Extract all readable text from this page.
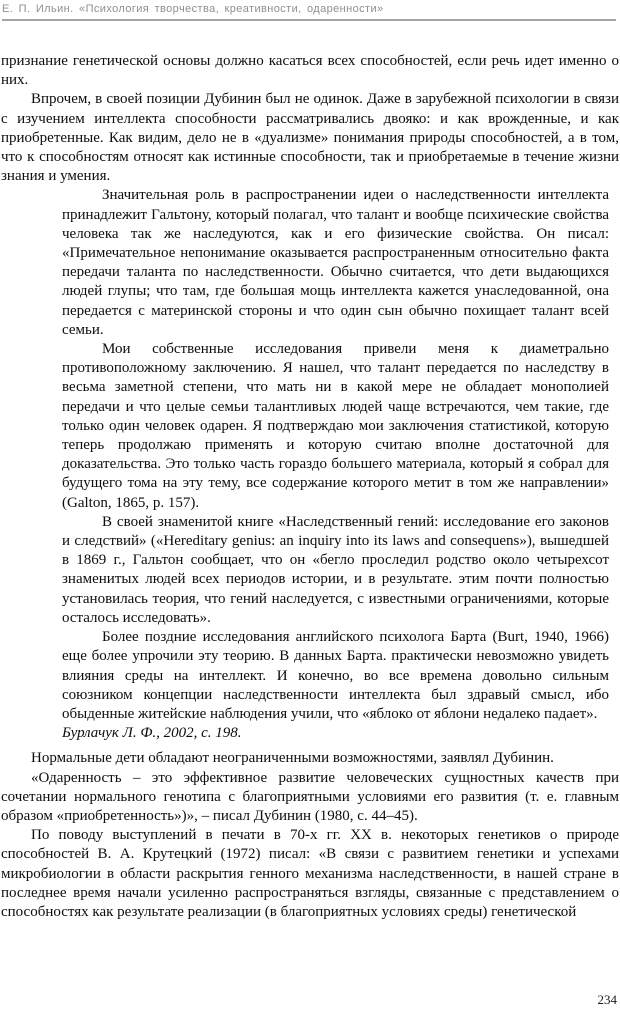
Е. П. Ильин. «Психология творчества, креативности, одаренности»

признание генетической основы должно касаться всех способностей, если речь идет именно о них.

Впрочем, в своей позиции Дубинин был не одинок. Даже в зарубежной психологии в связи с изучением интеллекта способности рассматривались двояко: и как врожденные, и как приобретенные. Как видим, дело не в «дуализме» понимания природы способностей, а в том, что к способностям относят как истинные способности, так и приобретаемые в течение жизни знания и умения.

Значительная роль в распространении идеи о наследственности интеллекта принадлежит Гальтону, который полагал, что талант и вообще психические свойства человека так же наследуются, как и его физические свойства. Он писал: «Примечательное непонимание оказывается распространенным относительно факта передачи таланта по наследственности. Обычно считается, что дети выдающихся людей глупы; что там, где большая мощь интеллекта кажется унаследованной, она передается с материнской стороны и что один сын обычно похищает талант всей семьи.

Мои собственные исследования привели меня к диаметрально противоположному заключению. Я нашел, что талант передается по наследству в весьма заметной степени, что мать ни в какой мере не обладает монополией передачи и что целые семьи талантливых людей чаще встречаются, чем такие, где только один человек одарен. Я подтверждаю мои заключения статистикой, которую теперь продолжаю применять и которую считаю вполне достаточной для доказательства. Это только часть гораздо большего материала, который я собрал для будущего тома на эту тему, все содержание которого метит в том же направлении» (Galton, 1865, p. 157).

В своей знаменитой книге «Наследственный гений: исследование его законов и следствий» («Hereditary genius: an inquiry into its laws and consequens»), вышедшей в 1869 г., Гальтон сообщает, что он «бегло проследил родство около четырехсот знаменитых людей всех периодов истории, и в результате. этим почти полностью установилась теория, что гений наследуется, с известными ограничениями, которые осталось исследовать».

Более поздние исследования английского психолога Барта (Burt, 1940, 1966) еще более упрочили эту теорию. В данных Барта. практически невозможно увидеть влияния среды на интеллект. И конечно, во все времена довольно сильным союзником концепции наследственности интеллекта был здравый смысл, ибо обыденные житейские наблюдения учили, что «яблоко от яблони недалеко падает».

Бурлачук Л. Ф., 2002, с. 198.

Нормальные дети обладают неограниченными возможностями, заявлял Дубинин.

«Одаренность – это эффективное развитие человеческих сущностных качеств при сочетании нормального генотипа с благоприятными условиями его развития (т. е. главным образом «приобретенность»)», – писал Дубинин (1980, с. 44–45).

По поводу выступлений в печати в 70-х гг. XX в. некоторых генетиков о природе способностей В. А. Крутецкий (1972) писал: «В связи с развитием генетики и успехами микробиологии в области раскрытия генного механизма наследственности, в нашей стране в последнее время начали усиленно распространяться взгляды, связанные с представлением о способностях как результате реализации (в благоприятных условиях среды) генетической

234
